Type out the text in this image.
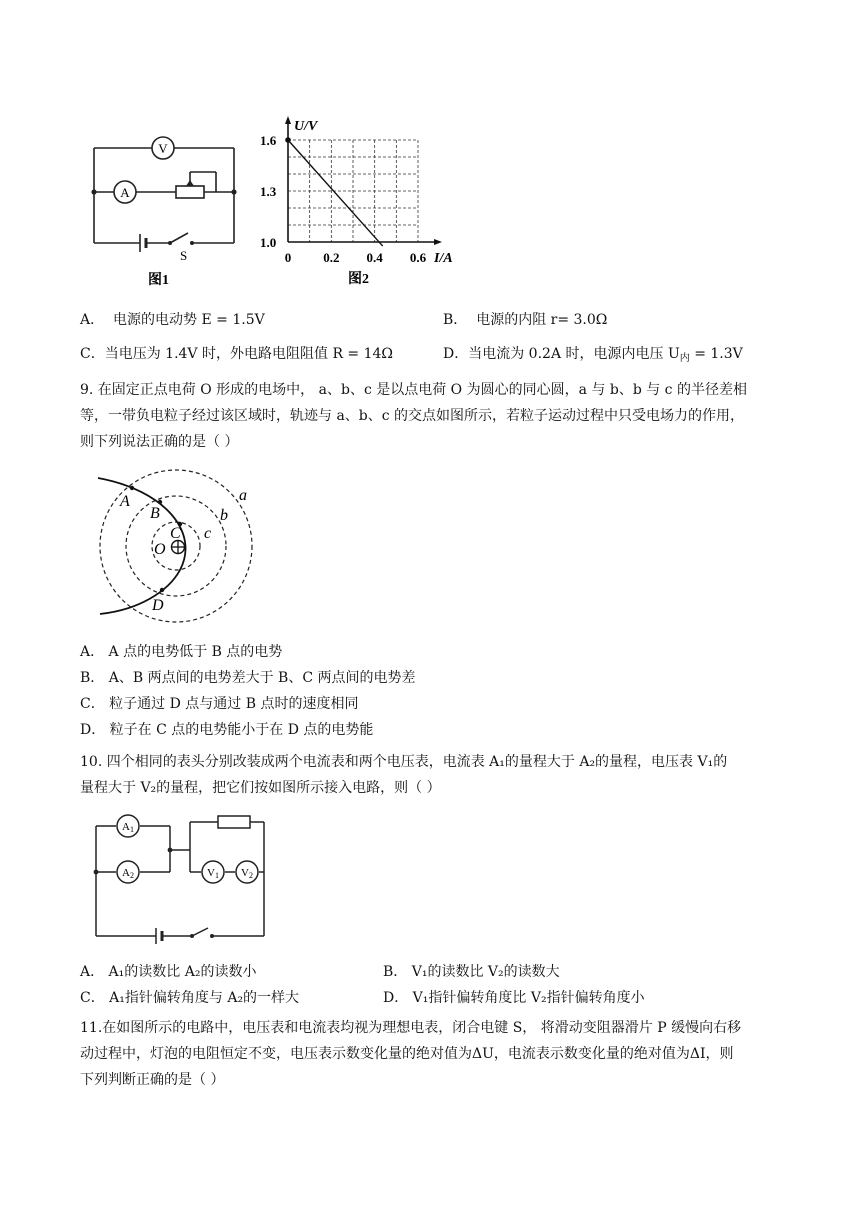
V
A
S
图1
U/V
I/A
1.6
1.3
1.0
0 0.2 0.4 0.6
图2
A． 电源的电动势 E = 1.5V	B． 电源的内阻 r= 3.0Ω
C．当电压为 1.4V 时，外电路电阻阻值 R = 14Ω	D．当电流为 0.2A 时，电源内电压 $U_内 = 1.3V$
9. 在固定正点电荷 O 形成的电场中， a、b、c 是以点电荷 O 为圆心的同心圆，a 与 b、b 与 c 的半径差相
等，一带负电粒子经过该区域时，轨迹与 a、b、c 的交点如图所示，若粒子运动过程中只受电场力的作用，
则下列说法正确的是（ ）
A
B
C
O
c
b
a
D
A． A 点的电势低于 B 点的电势
B． A、B 两点间的电势差大于 B、C 两点间的电势差
C． 粒子通过 D 点与通过 B 点时的速度相同
D． 粒子在 C 点的电势能小于在 D 点的电势能
10. 四个相同的表头分别改装成两个电流表和两个电压表，电流表 A₁的量程大于 A₂的量程，电压表 V₁的
量程大于 V₂的量程，把它们按如图所示接入电路，则（ ）
A1
A2	V1 V2
A． A₁的读数比 A₂的读数小	B． V₁的读数比 V₂的读数大
C． A₁指针偏转角度与 A₂的一样大	D． V₁指针偏转角度比 V₂指针偏转角度小
11.在如图所示的电路中，电压表和电流表均视为理想电表，闭合电键 S， 将滑动变阻器滑片 P 缓慢向右移
动过程中，灯泡的电阻恒定不变，电压表示数变化量的绝对值为ΔU，电流表示数变化量的绝对值为ΔI，则
下列判断正确的是（ ）
